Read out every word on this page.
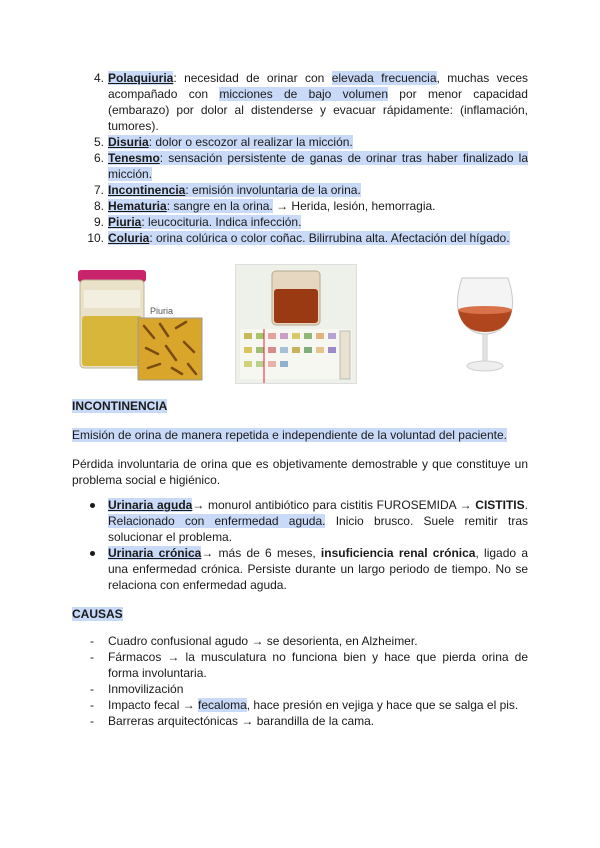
4. Polaquiuria: necesidad de orinar con elevada frecuencia, muchas veces acompañado con micciones de bajo volumen por menor capacidad (embarazo) por dolor al distenderse y evacuar rápidamente: (inflamación, tumores).
5. Disuria: dolor o escozor al realizar la micción.
6. Tenesmo: sensación persistente de ganas de orinar tras haber finalizado la micción.
7. Incontinencia: emisión involuntaria de la orina.
8. Hematuria: sangre en la orina. → Herida, lesión, hemorragia.
9. Piuria: leucocituria. Indica infección.
10. Coluria: orina colúrica o color coñac. Bilirrubina alta. Afectación del hígado.
Piuria
INCONTINENCIA
Emisión de orina de manera repetida e independiente de la voluntad del paciente.
Pérdida involuntaria de orina que es objetivamente demostrable y que constituye un problema social e higiénico.
Urinaria aguda→ monurol antibiótico para cistitis FUROSEMIDA → CISTITIS. Relacionado con enfermedad aguda. Inicio brusco. Suele remitir tras solucionar el problema.
Urinaria crónica→ más de 6 meses, insuficiencia renal crónica, ligado a una enfermedad crónica. Persiste durante un largo periodo de tiempo. No se relaciona con enfermedad aguda.
CAUSAS
- Cuadro confusional agudo → se desorienta, en Alzheimer.
- Fármacos → la musculatura no funciona bien y hace que pierda orina de forma involuntaria.
- Inmovilización
- Impacto fecal → fecaloma, hace presión en vejiga y hace que se salga el pis.
- Barreras arquitectónicas → barandilla de la cama.
